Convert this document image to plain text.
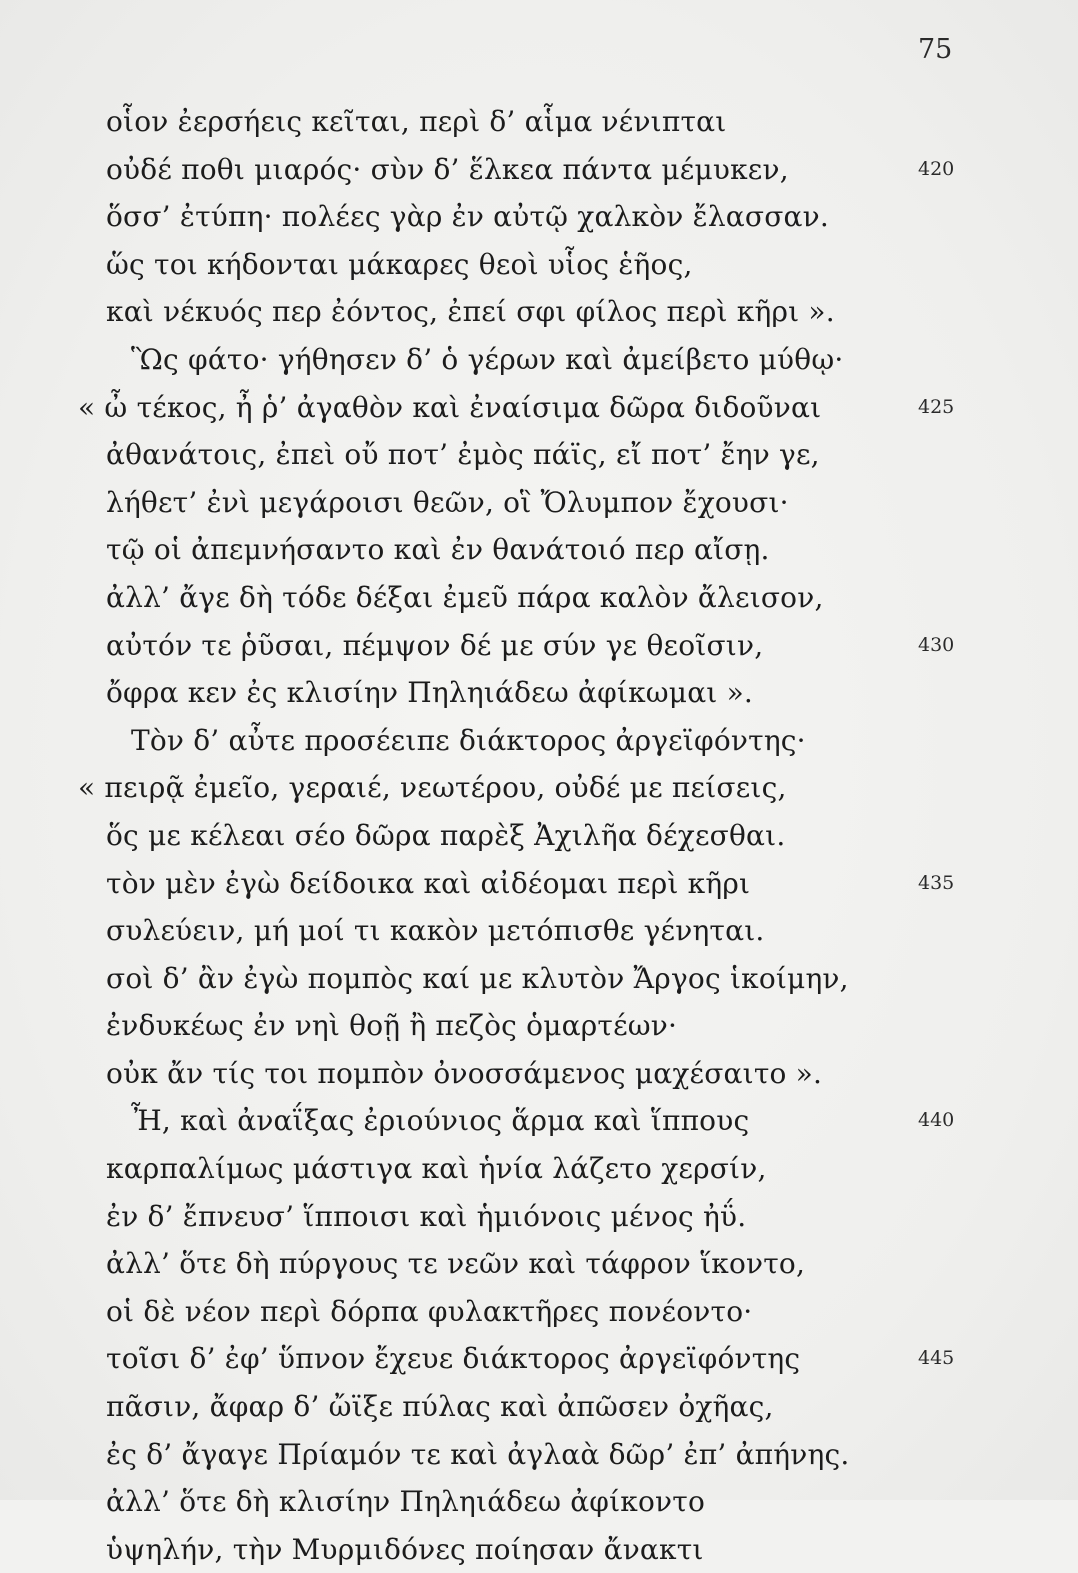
75
οἷον ἐερσήεις κεῖται, περὶ δ’ αἷμα νένιπται
οὐδέ ποθι μιαρός· σὺν δ’ ἕλκεα πάντα μέμυκεν,	420
ὅσσ’ ἐτύπη· πολέες γὰρ ἐν αὐτῷ χαλκὸν ἔλασσαν.
ὥς τοι κήδονται μάκαρες θεοὶ υἷος ἑῆος,
καὶ νέκυός περ ἐόντος, ἐπεί σφι φίλος περὶ κῆρι ».
Ὣς φάτο· γήθησεν δ’ ὁ γέρων καὶ ἀμείβετο μύθῳ·
« ὦ τέκος, ἦ ῥ’ ἀγαθὸν καὶ ἐναίσιμα δῶρα διδοῦναι	425
ἀθανάτοις, ἐπεὶ οὔ ποτ’ ἐμὸς πάϊς, εἴ ποτ’ ἔην γε,
λήθετ’ ἐνὶ μεγάροισι θεῶν, οἳ Ὄλυμπον ἔχουσι·
τῷ οἱ ἀπεμνήσαντο καὶ ἐν θανάτοιό περ αἴσῃ.
ἀλλ’ ἄγε δὴ τόδε δέξαι ἐμεῦ πάρα καλὸν ἄλεισον,
αὐτόν τε ῥῦσαι, πέμψον δέ με σύν γε θεοῖσιν,	430
ὄφρα κεν ἐς κλισίην Πηληιάδεω ἀφίκωμαι ».
Τὸν δ’ αὖτε προσέειπε διάκτορος ἀργεϊφόντης·
« πειρᾷ ἐμεῖο, γεραιέ, νεωτέρου, οὐδέ με πείσεις,
ὅς με κέλεαι σέο δῶρα παρὲξ Ἀχιλῆα δέχεσθαι.
τὸν μὲν ἐγὼ δείδοικα καὶ αἰδέομαι περὶ κῆρι	435
συλεύειν, μή μοί τι κακὸν μετόπισθε γένηται.
σοὶ δ’ ἂν ἐγὼ πομπὸς καί με κλυτὸν Ἄργος ἱκοίμην,
ἐνδυκέως ἐν νηὶ θοῇ ἢ πεζὸς ὁμαρτέων·
οὐκ ἄν τίς τοι πομπὸν ὀνοσσάμενος μαχέσαιτο ».
Ἦ, καὶ ἀναΐξας ἐριούνιος ἅρμα καὶ ἵππους	440
καρπαλίμως μάστιγα καὶ ἡνία λάζετο χερσίν,
ἐν δ’ ἔπνευσ’ ἵπποισι καὶ ἡμιόνοις μένος ἠΰ.
ἀλλ’ ὅτε δὴ πύργους τε νεῶν καὶ τάφρον ἵκοντο,
οἱ δὲ νέον περὶ δόρπα φυλακτῆρες πονέοντο·
τοῖσι δ’ ἐφ’ ὕπνον ἔχευε διάκτορος ἀργεϊφόντης	445
πᾶσιν, ἄφαρ δ’ ὤϊξε πύλας καὶ ἀπῶσεν ὀχῆας,
ἐς δ’ ἄγαγε Πρίαμόν τε καὶ ἀγλαὰ δῶρ’ ἐπ’ ἀπήνης.
ἀλλ’ ὅτε δὴ κλισίην Πηληιάδεω ἀφίκοντο
ὑψηλήν, τὴν Μυρμιδόνες ποίησαν ἄνακτι
